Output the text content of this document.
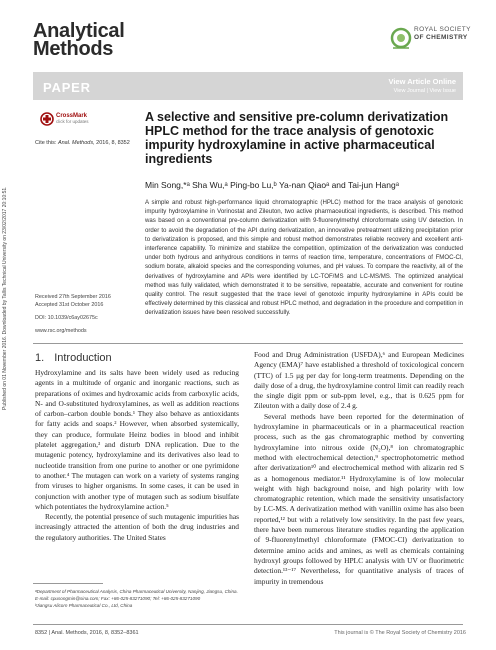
Analytical
Methods
ROYAL SOCIETY
OF CHEMISTRY
PAPER	View Article Online
View Journal | View Issue
Published on 01 November 2016. Downloaded by Tallis Technical University on 23/02/2017 20:10:51.
CrossMark
click for updates
Cite this: Anal. Methods, 2016, 8, 8352
A selective and sensitive pre-column derivatization HPLC method for the trace analysis of genotoxic impurity hydroxylamine in active pharmaceutical ingredients
Min Song,*ᵃ Sha Wu,ᵃ Ping-bo Lu,ᵇ Ya-nan Qiaoᵃ and Tai-jun Hangᵃ
A simple and robust high-performance liquid chromatographic (HPLC) method for the trace analysis of genotoxic impurity hydroxylamine in Vorinostat and Zileuton, two active pharmaceutical ingredients, is described. This method was based on a conventional pre-column derivatization with 9-fluorenylmethyl chloroformate using UV detection. In order to avoid the degradation of the API during derivatization, an innovative pretreatment utilizing precipitation prior to derivatization is proposed, and this simple and robust method demonstrates reliable recovery and excellent anti-interference capability. To minimize and stabilize the competition, optimization of the derivatization was conducted under both hydrous and anhydrous conditions in terms of reaction time, temperature, concentrations of FMOC-Cl, sodium borate, alkaloid species and the corresponding volumes, and pH values. To compare the reactivity, all of the derivatives of hydroxylamine and APIs were identified by LC-TOF/MS and LC-MS/MS. The optimized analytical method was fully validated, which demonstrated it to be sensitive, repeatable, accurate and convenient for routine quality control. The result suggested that the trace level of genotoxic impurity hydroxylamine in APIs could be effectively determined by this classical and robust HPLC method, and degradation in the procedure and competition in derivatization issues have been resolved successfully.
Received 27th September 2016
Accepted 31st October 2016
DOI: 10.1039/c6ay02675c
www.rsc.org/methods
1. Introduction

Hydroxylamine and its salts have been widely used as reducing agents in a multitude of organic and inorganic reactions, such as preparations of oximes and hydroxamic acids from carboxylic acids, N- and O-substituted hydroxylamines, as well as addition reactions of carbon–carbon double bonds.¹ They also behave as antioxidants for fatty acids and soaps.² However, when absorbed systemically, they can produce, formulate Heinz bodies in blood and inhibit platelet aggregation,³ and disturb DNA replication. Due to the mutagenic potency, hydroxylamine and its derivatives also lead to nucleotide transition from one purine to another or one pyrimidone to another.⁴ The mutagen can work on a variety of systems ranging from viruses to higher organisms. In some cases, it can be used in conjunction with another type of mutagen such as sodium bisulfate which potentiates the hydroxylamine action.⁵

Recently, the potential presence of such mutagenic impurities has increasingly attracted the attention of both the drug industries and the regulatory authorities. The United States

Food and Drug Administration (USFDA),⁶ and European Medicines Agency (EMA)⁷ have established a threshold of toxicological concern (TTC) of 1.5 μg per day for long-term treatments. Depending on the daily dose of a drug, the hydroxylamine control limit can readily reach the single digit ppm or sub-ppm level, e.g., that is 0.625 ppm for Zileuton with a daily dose of 2.4 g.

Several methods have been reported for the determination of hydroxylamine in pharmaceuticals or in a pharmaceutical reaction process, such as the gas chromatographic method by converting hydroxylamine into nitrous oxide (N₂O),⁸ ion chromatographic method with electrochemical detection,⁹ spectrophotometric method after derivatization¹⁰ and electrochemical method with alizarin red S as a homogenous mediator.¹¹ Hydroxylamine is of low molecular weight with high background noise, and high polarity with low chromatographic retention, which made the sensitivity unsatisfactory by LC-MS. A derivatization method with vanillin oxime has also been reported,¹² but with a relatively low sensitivity. In the past few years, there have been numerous literature studies regarding the application of 9-fluorenylmethyl chloroformate (FMOC-Cl) derivatization to determine amino acids and amines, as well as chemicals containing hydroxyl groups followed by HPLC analysis with UV or fluorimetric detection.¹³⁻¹⁷ Nevertheless, for quantitative analysis of traces of impurity in tremendous

ᵃDepartment of Pharmaceutical Analysis, China Pharmaceutical University, Nanjing, Jiangsu, China. E-mail: cpusongmin@sina.com; Fax: +86-025-83271090; Tel: +86-025-83271090
ᵇJiangsu Alicorn Pharmaceutical Co., Ltd, China
8352 | Anal. Methods, 2016, 8, 8352–8361	This journal is © The Royal Society of Chemistry 2016
